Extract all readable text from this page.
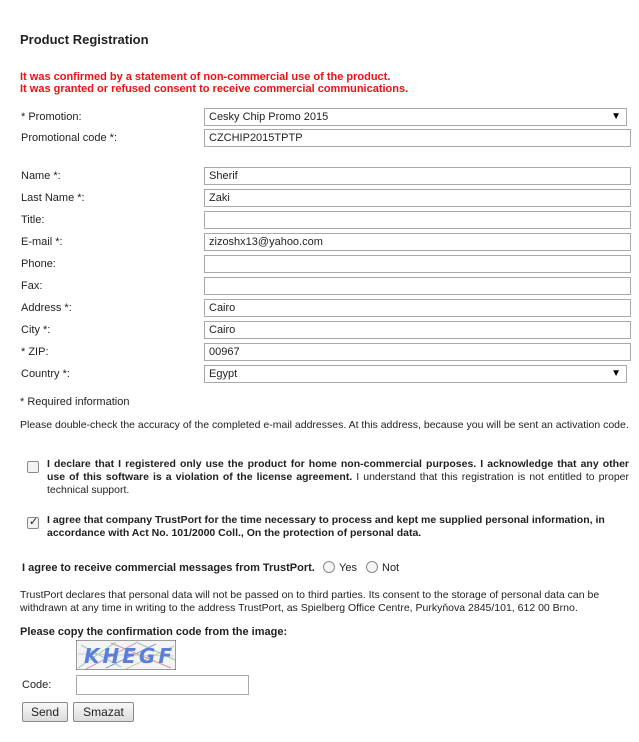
Product Registration
It was confirmed by a statement of non-commercial use of the product.
It was granted or refused consent to receive commercial communications.
* Promotion:	Cesky Chip Promo 2015	▼
Promotional code *:	CZCHIP2015TPTP
Name *:	Sherif
Last Name *:	Zaki
Title:
E-mail *:	zizoshx13@yahoo.com
Phone:
Fax:
Address *:	Cairo
City *:	Cairo
* ZIP:	00967
Country *:	Egypt	▼
* Required information
Please double-check the accuracy of the completed e-mail addresses. At this address, because you will be sent an activation code.
I declare that I registered only use the product for home non-commercial purposes. I acknowledge that any other use of this software is a violation of the license agreement. I understand that this registration is not entitled to proper technical support.
✓
I agree that company TrustPort for the time necessary to process and kept me supplied personal information, in accordance with Act No. 101/2000 Coll., On the protection of personal data.
I agree to receive commercial messages from TrustPort. Yes Not
TrustPort declares that personal data will not be passed on to third parties. Its consent to the storage of personal data can be withdrawn at any time in writing to the address TrustPort, as Spielberg Office Centre, Purkyňova 2845/101, 612 00 Brno.
Please copy the confirmation code from the image:
KHEGF
Code:
Send	Smazat
